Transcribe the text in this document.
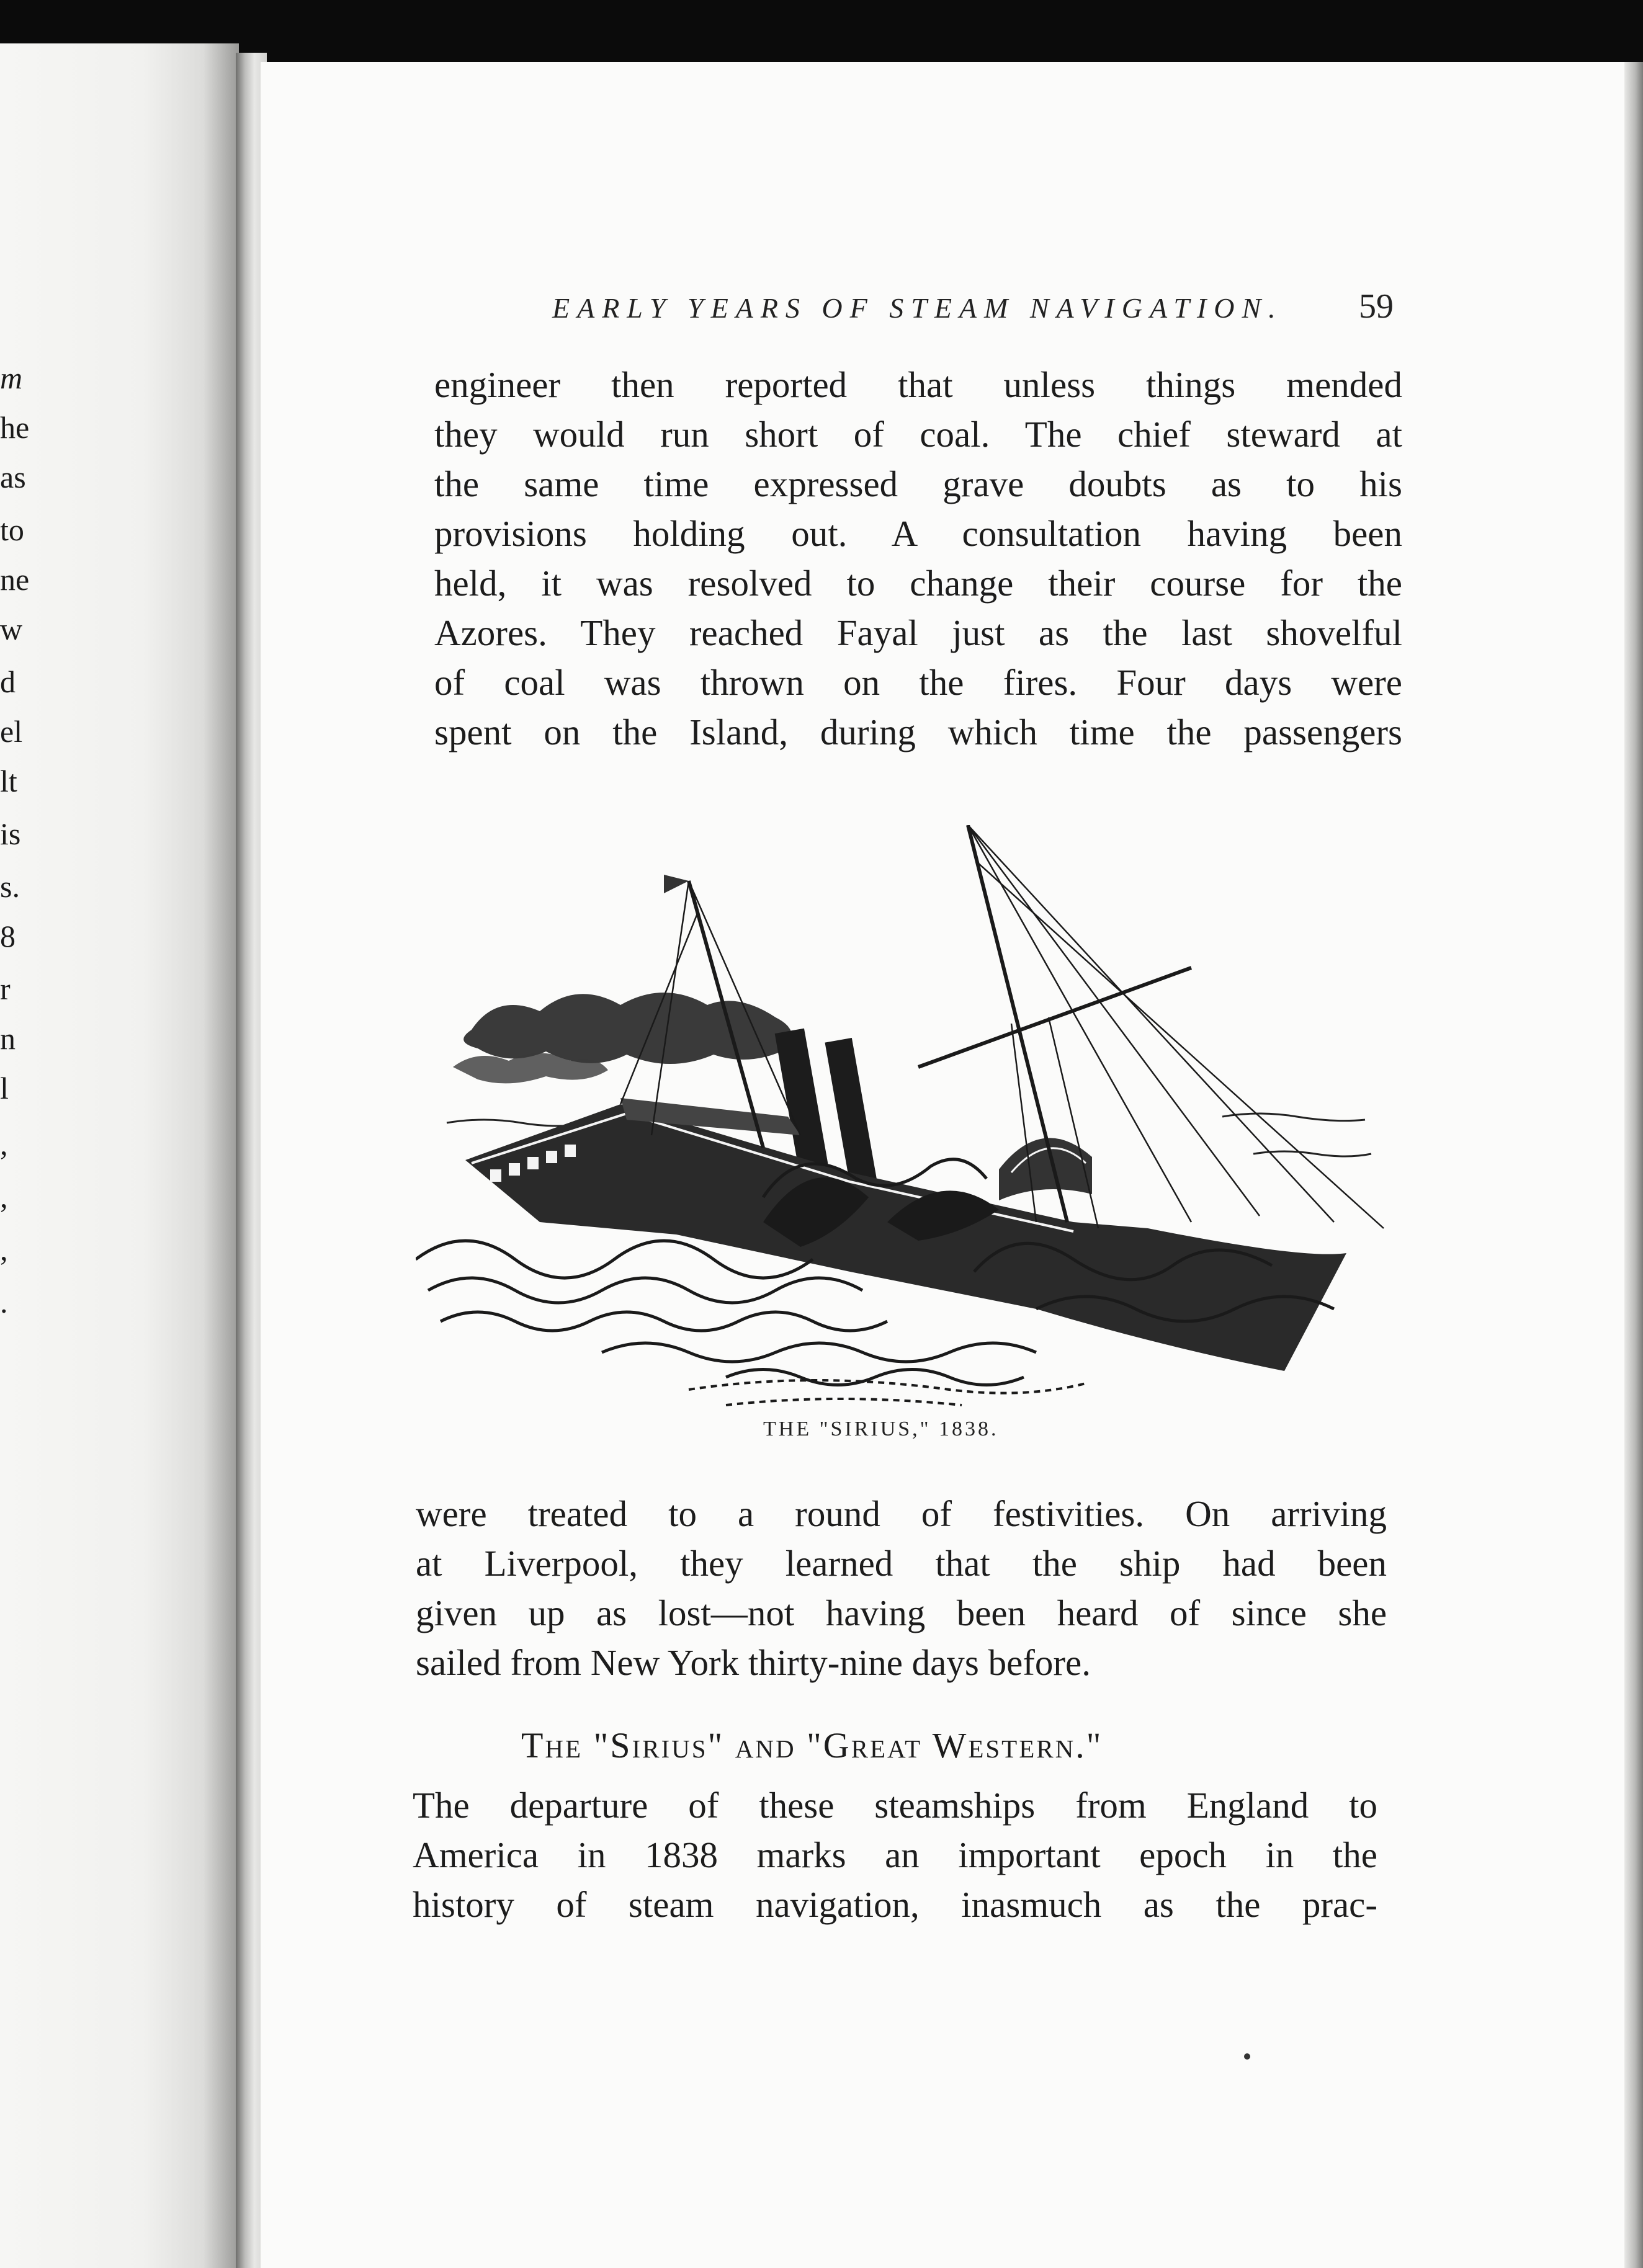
m
he
as
to
ne
w
d
el
lt
is
s.
8
r
n
l
,
,
,
.
EARLY YEARS OF STEAM NAVIGATION. 59
engineer then reported that unless things mended
they would run short of coal. The chief steward at
the same time expressed grave doubts as to his
provisions holding out. A consultation having been
held, it was resolved to change their course for the
Azores. They reached Fayal just as the last shovelful
of coal was thrown on the fires. Four days were
spent on the Island, during which time the passengers
THE "SIRIUS," 1838.
were treated to a round of festivities. On arriving
at Liverpool, they learned that the ship had been
given up as lost—not having been heard of since she
sailed from New York thirty-nine days before.
The "Sirius" and "Great Western."
The departure of these steamships from England to
America in 1838 marks an important epoch in the
history of steam navigation, inasmuch as the prac-
